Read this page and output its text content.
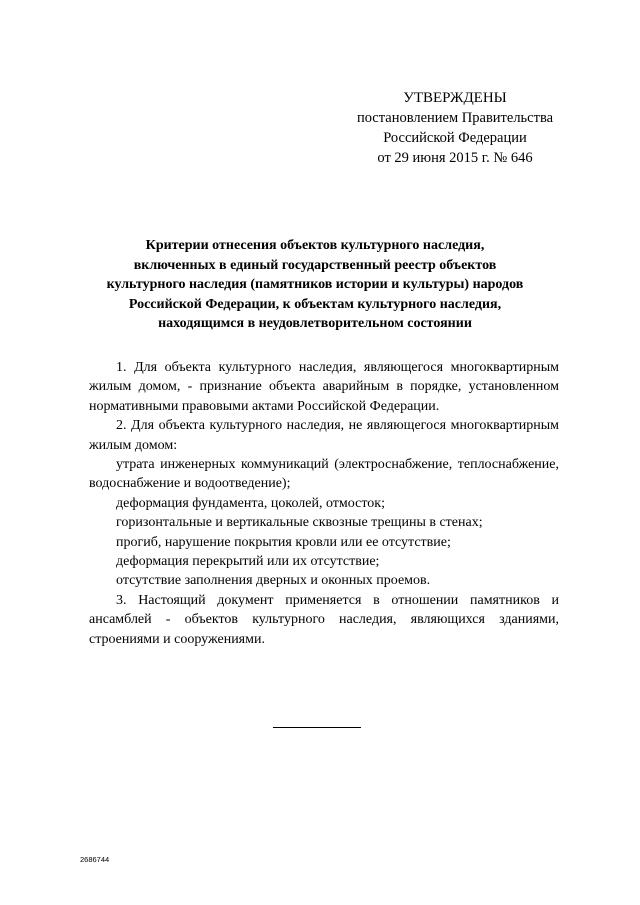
УТВЕРЖДЕНЫ
постановлением Правительства
Российской Федерации
от 29 июня 2015 г. № 646
Критерии отнесения объектов культурного наследия,
включенных в единый государственный реестр объектов
культурного наследия (памятников истории и культуры) народов
Российской Федерации, к объектам культурного наследия,
находящимся в неудовлетворительном состоянии

1. Для объекта культурного наследия, являющегося многоквартирным жилым домом, - признание объекта аварийным в порядке, установленном нормативными правовыми актами Российской Федерации.

2. Для объекта культурного наследия, не являющегося многоквартирным жилым домом:

утрата инженерных коммуникаций (электроснабжение, теплоснабжение, водоснабжение и водоотведение);

деформация фундамента, цоколей, отмосток;

горизонтальные и вертикальные сквозные трещины в стенах;

прогиб, нарушение покрытия кровли или ее отсутствие;

деформация перекрытий или их отсутствие;

отсутствие заполнения дверных и оконных проемов.

3. Настоящий документ применяется в отношении памятников и ансамблей - объектов культурного наследия, являющихся зданиями, строениями и сооружениями.

2686744
